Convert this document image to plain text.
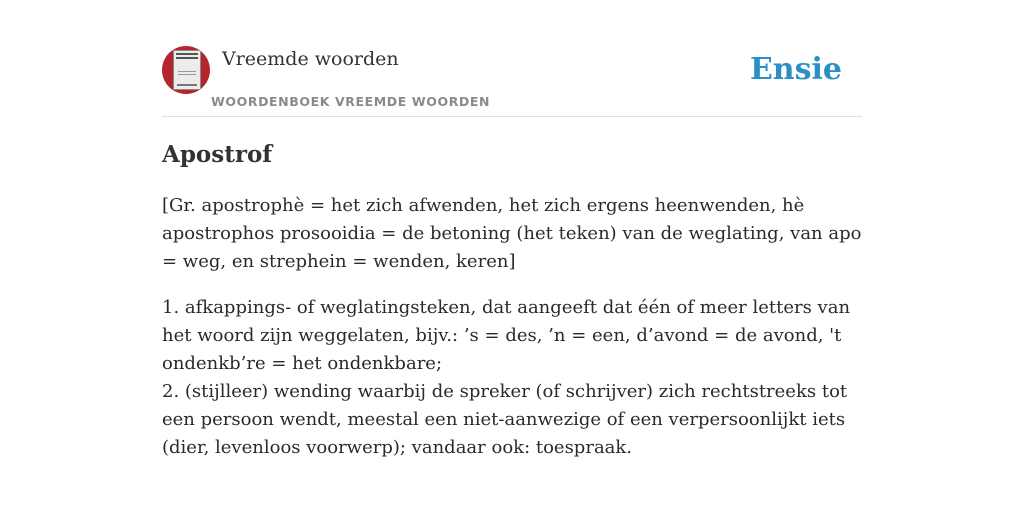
Vreemde woorden
WOORDENBOEK VREEMDE WOORDEN
Ensie
Apostrof

[Gr. apostrophè = het zich afwenden, het zich ergens heenwenden, hè apostrophos prosooidia = de betoning (het teken) van de weglating, van apo = weg, en strephein = wenden, keren]

1. afkappings- of weglatingsteken, dat aangeeft dat één of meer letters van het woord zijn weggelaten, bijv.: ’s = des, ’n = een, d’avond = de avond, 't ondenkb’re = het ondenkbare;

2. (stijlleer) wending waarbij de spreker (of schrijver) zich rechtstreeks tot een persoon wendt, meestal een niet-aanwezige of een verpersoonlijkt iets (dier, levenloos voorwerp); vandaar ook: toespraak.
